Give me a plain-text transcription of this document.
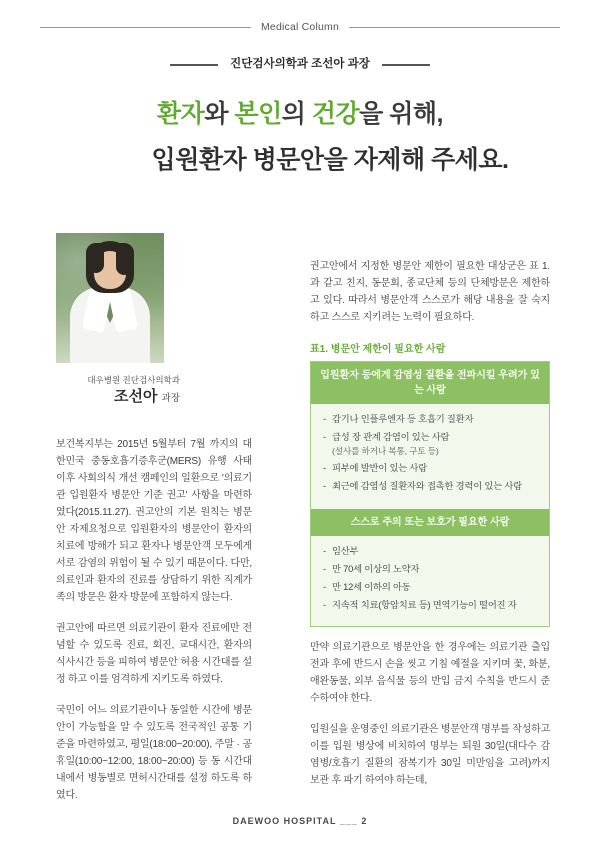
Medical Column
진단검사의학과 조선아 과장
환자와 본인의 건강을 위해,
입원환자 병문안을 자제해 주세요.
대우병원 진단검사의학과
조선아 과장

보건복지부는 2015년 5월부터 7월 까지의 대한민국 중동호흡기증후군(MERS) 유행 사태 이후 사회의식 개선 캠페인의 일환으로 '의료기관 입원환자 병문안 기준 권고' 사항을 마련하였다(2015.11.27). 권고안의 기본 원칙는 병문안 자제요청으로 입원환자의 병문안이 환자의 치료에 방해가 되고 환자나 병문안객 모두에게 서로 감염의 위험이 될 수 있기 때문이다. 다만, 의료인과 환자의 진료를 상담하기 위한 직계가족의 방문은 환자 방문에 포함하지 않는다.

권고안에 따르면 의료기관이 환자 진료에만 전념할 수 있도록 진료, 회진, 교대시간, 환자의 식사시간 등을 피하여 병문안 허용 시간대를 설정 하고 이를 엄격하게 지키도록 하였다.

국민이 어느 의료기관이나 동일한 시간에 병문안이 가능함을 알 수 있도록 전국적인 공통 기준을 마련하였고, 평일(18:00~20:00), 주말 · 공휴일(10:00~12:00, 18:00~20:00) 등 동 시간대 내에서 병동별로 면허시간대를 설정 하도록 하였다.

권고안에서 지정한 병문안 제한이 필요한 대상군은 표 1.과 같고 친지, 동문회, 종교단체 등의 단체방문은 제한하고 있다. 따라서 병문안객 스스로가 해당 내용을 잘 숙지하고 스스로 지키려는 노력이 필요하다.

표1. 병문안 제한이 필요한 사람
입원환자 등에게 감염성 질환을 전파시킬 우려가 있는 사람
- 감기나 인플루엔자 등 호흡기 질환자
- 급성 장 관계 감염이 있는 사람
(설사를 하거나 복통, 구토 등)
- 피부에 발반이 있는 사람
- 최근에 감염성 질환자와 접촉한 경력이 있는 사람
스스로 주의 또는 보호가 필요한 사람
- 임산부
- 만 70세 이상의 노약자
- 만 12세 이하의 아동
- 지속적 치료(항암치료 등) 면역기능이 떨어진 자

만약 의료기관으로 병문안을 한 경우에는 의료기관 출입 전과 후에 반드시 손을 씻고 기침 예절을 지키며 꽃, 화분, 애완동물, 외부 음식물 등의 반입 금지 수칙을 반드시 준수하여야 한다.

입원실을 운영중인 의료기관은 병문안객 명부를 작성하고 이를 입원 병상에 비치하여 명부는 퇴원 30일(대다수 감염병/호흡기 질환의 잠복기가 30일 미만임을 고려)까지 보관 후 파기 하여야 하는데,

DAEWOO HOSPITAL ___ 2
